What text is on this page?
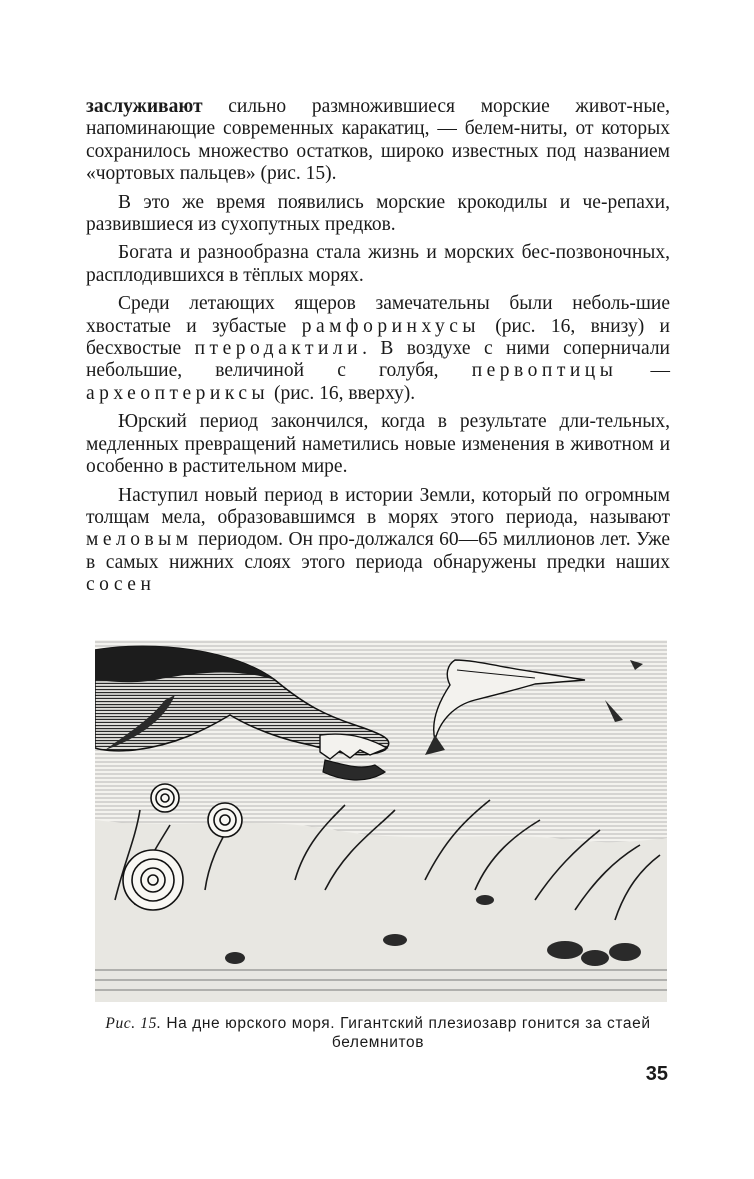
заслуживают сильно размножившиеся морские живот-ные, напоминающие современных каракатиц, — белем-ниты, от которых сохранилось множество остатков, широко известных под названием «чортовых пальцев» (рис. 15).

В это же время появились морские крокодилы и че-репахи, развившиеся из сухопутных предков.

Богата и разнообразна стала жизнь и морских бес-позвоночных, расплодившихся в тёплых морях.

Среди летающих ящеров замечательны были неболь-шие хвостатые и зубастые рамфоринхусы (рис. 16, внизу) и бесхвостые птеродактили. В воздухе с ними соперничали небольшие, величиной с голубя, первоптицы — археоптериксы (рис. 16, вверху).

Юрский период закончился, когда в результате дли-тельных, медленных превращений наметились новые изменения в животном и особенно в растительном мире.

Наступил новый период в истории Земли, который по огромным толщам мела, образовавшимся в морях этого периода, называют меловым периодом. Он про-должался 60—65 миллионов лет. Уже в самых нижних слоях этого периода обнаружены предки наших сосен

Рис. 15. На дне юрского моря. Гигантский плезиозавр гонится за стаей белемнитов
35
